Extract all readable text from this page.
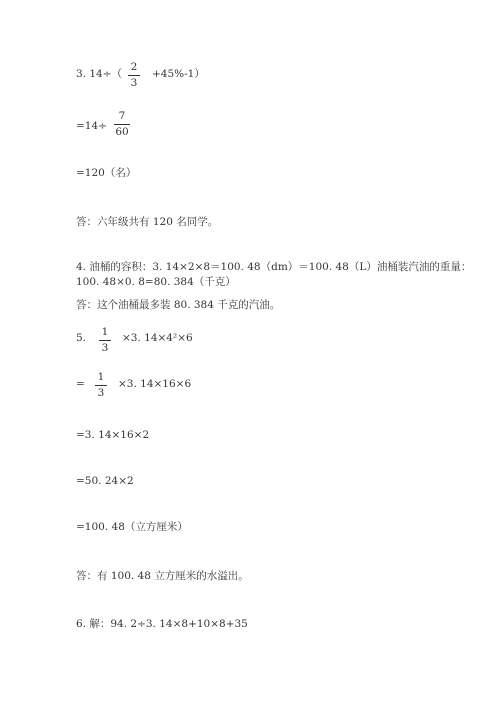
3. 14÷（
2
3
+45%-1）
=14÷
7
60
=120（名）
答：六年级共有 120 名同学。
4. 油桶的容积：3. 14×2×8＝100. 48（dm）＝100. 48（L）油桶装汽油的重量：
100. 48×0. 8=80. 384（千克）
答：这个油桶最多装 80. 384 千克的汽油。
5. 1
3
×3. 14×4²×6
=
1
3
×3. 14×16×6
=3. 14×16×2
=50. 24×2
=100. 48（立方厘米）
答：有 100. 48 立方厘米的水溢出。
6. 解：94. 2÷3. 14×8+10×8+35
